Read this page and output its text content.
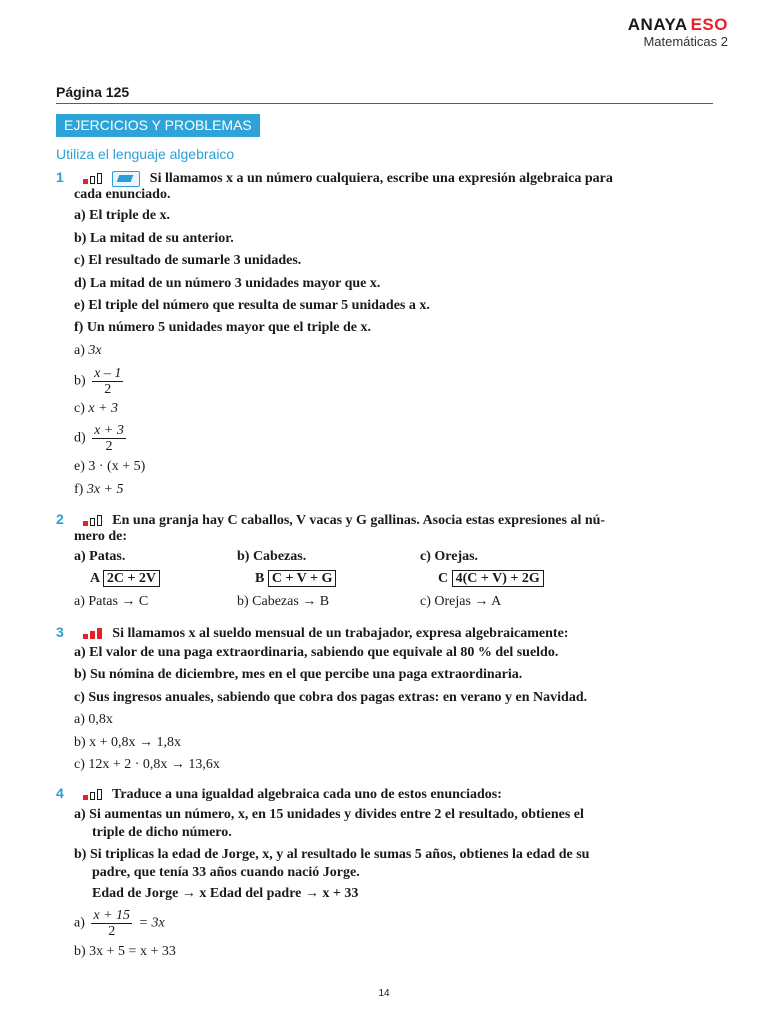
ANAYA ESO
Matemáticas 2
Página 125
EJERCICIOS Y PROBLEMAS
Utiliza el lenguaje algebraico
1	Si llamamos x a un número cualquiera, escribe una expresión algebraica para
cada enunciado.
a) El triple de x.
b) La mitad de su anterior.
c) El resultado de sumarle 3 unidades.
d) La mitad de un número 3 unidades mayor que x.
e) El triple del número que resulta de sumar 5 unidades a x.
f) Un número 5 unidades mayor que el triple de x.
a) 3x
$b) \frac{x - 1}{2}$
c) x + 3
$d) \frac{x + 3}{2}$
e) 3 · (x + 5)
f) 3x + 5
2	En una granja hay C caballos, V vacas y G gallinas. Asocia estas expresiones al nú-
mero de:
a) Patas.	b) Cabezas.	c) Orejas.
A 2C + 2V	B C + V + G	C 4(C + V) + 2G
a) Patas → C	b) Cabezas → B	c) Orejas → A
3	Si llamamos x al sueldo mensual de un trabajador, expresa algebraicamente:
a) El valor de una paga extraordinaria, sabiendo que equivale al 80 % del sueldo.
b) Su nómina de diciembre, mes en el que percibe una paga extraordinaria.
c) Sus ingresos anuales, sabiendo que cobra dos pagas extras: en verano y en Navidad.
a) 0,8x
b) x + 0,8x → 1,8x
c) 12x + 2 · 0,8x → 13,6x
4	Traduce a una igualdad algebraica cada uno de estos enunciados:
a) Si aumentas un número, x, en 15 unidades y divides entre 2 el resultado, obtienes el
triple de dicho número.
b) Si triplicas la edad de Jorge, x, y al resultado le sumas 5 años, obtienes la edad de su
padre, que tenía 33 años cuando nació Jorge.
Edad de Jorge → x Edad del padre → x + 33
$a) \frac{x + 15}{2} = 3x$
b) 3x + 5 = x + 33
14
